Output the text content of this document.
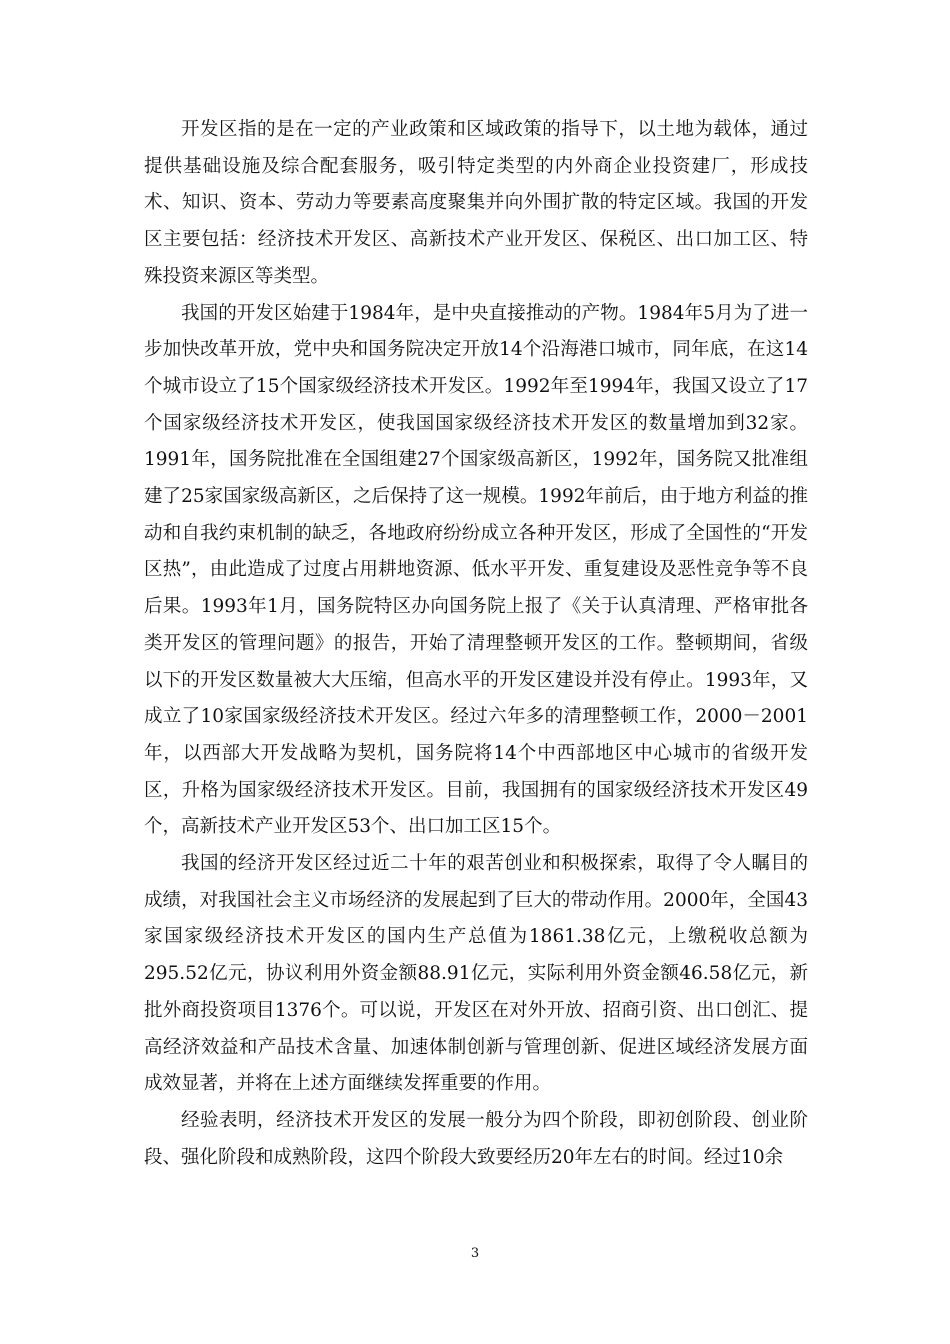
开发区指的是在一定的产业政策和区域政策的指导下，以土地为载体，通过提供基础设施及综合配套服务，吸引特定类型的内外商企业投资建厂，形成技术、知识、资本、劳动力等要素高度聚集并向外围扩散的特定区域。我国的开发区主要包括：经济技术开发区、高新技术产业开发区、保税区、出口加工区、特殊投资来源区等类型。

我国的开发区始建于1984年，是中央直接推动的产物。1984年5月为了进一步加快改革开放，党中央和国务院决定开放14个沿海港口城市，同年底，在这14个城市设立了15个国家级经济技术开发区。1992年至1994年，我国又设立了17个国家级经济技术开发区，使我国国家级经济技术开发区的数量增加到32家。1991年，国务院批准在全国组建27个国家级高新区，1992年，国务院又批准组建了25家国家级高新区，之后保持了这一规模。1992年前后，由于地方利益的推动和自我约束机制的缺乏，各地政府纷纷成立各种开发区，形成了全国性的“开发区热”，由此造成了过度占用耕地资源、低水平开发、重复建设及恶性竞争等不良后果。1993年1月，国务院特区办向国务院上报了《关于认真清理、严格审批各类开发区的管理问题》的报告，开始了清理整顿开发区的工作。整顿期间，省级以下的开发区数量被大大压缩，但高水平的开发区建设并没有停止。1993年，又成立了10家国家级经济技术开发区。经过六年多的清理整顿工作，2000－2001年，以西部大开发战略为契机，国务院将14个中西部地区中心城市的省级开发区，升格为国家级经济技术开发区。目前，我国拥有的国家级经济技术开发区49个，高新技术产业开发区53个、出口加工区15个。

我国的经济开发区经过近二十年的艰苦创业和积极探索，取得了令人瞩目的成绩，对我国社会主义市场经济的发展起到了巨大的带动作用。2000年，全国43家国家级经济技术开发区的国内生产总值为1861.38亿元，上缴税收总额为295.52亿元，协议利用外资金额88.91亿元，实际利用外资金额46.58亿元，新批外商投资项目1376个。可以说，开发区在对外开放、招商引资、出口创汇、提高经济效益和产品技术含量、加速体制创新与管理创新、促进区域经济发展方面成效显著，并将在上述方面继续发挥重要的作用。

经验表明，经济技术开发区的发展一般分为四个阶段，即初创阶段、创业阶段、强化阶段和成熟阶段，这四个阶段大致要经历20年左右的时间。经过10余

3
